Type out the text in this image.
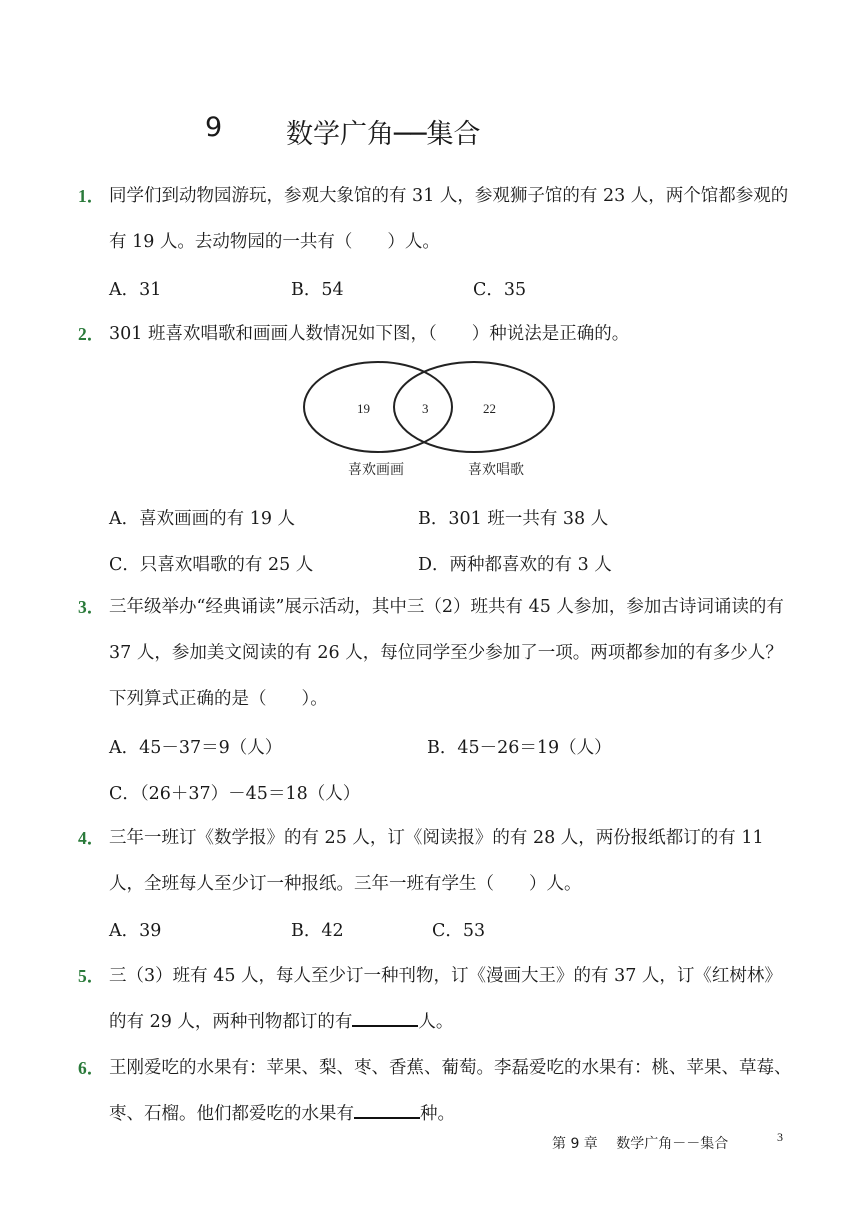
9 数学广角──集合
1． 同学们到动物园游玩，参观大象馆的有 31 人，参观狮子馆的有 23 人，两个馆都参观的有 19 人。去动物园的一共有（　　）人。
A．31	B．54	C．35
2． 301 班喜欢唱歌和画画人数情况如下图，（　　）种说法是正确的。
19	3	22
喜欢画画	喜欢唱歌
A．喜欢画画的有 19 人	B．301 班一共有 38 人
C．只喜欢唱歌的有 25 人	D．两种都喜欢的有 3 人
3． 三年级举办“经典诵读”展示活动，其中三（2）班共有 45 人参加，参加古诗词诵读的有 37 人，参加美文阅读的有 26 人，每位同学至少参加了一项。两项都参加的有多少人？下列算式正确的是（　　）。
A．45－37＝9（人）	B．45－26＝19（人）
C．（26＋37）－45＝18（人）
4． 三年一班订《数学报》的有 25 人，订《阅读报》的有 28 人，两份报纸都订的有 11 人，全班每人至少订一种报纸。三年一班有学生（　　）人。
A．39	B．42	C．53
5． 三（3）班有 45 人，每人至少订一种刊物，订《漫画大王》的有 37 人，订《红树林》的有 29 人，两种刊物都订的有	人。
6． 王刚爱吃的水果有：苹果、梨、枣、香蕉、葡萄。李磊爱吃的水果有：桃、苹果、草莓、枣、石榴。他们都爱吃的水果有	种。
第 9 章　 数学广角－－集合	3
